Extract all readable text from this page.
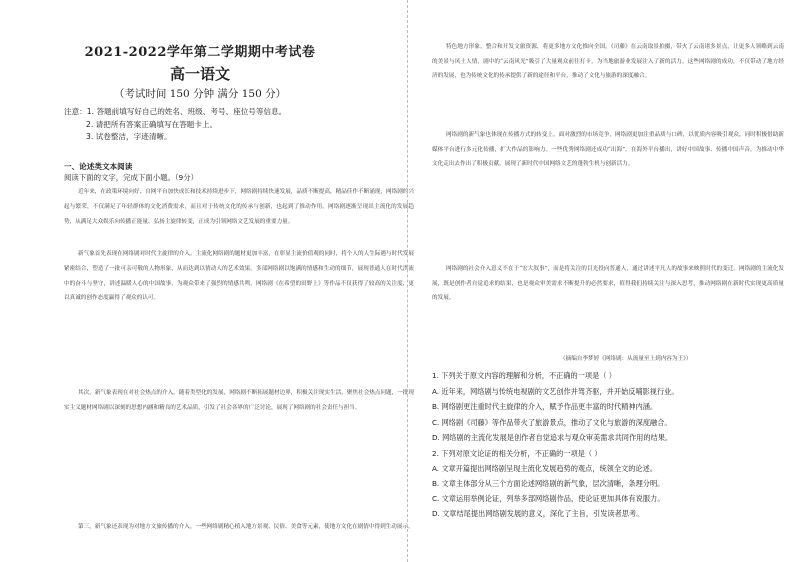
2021-2022学年第二学期期中考试卷
高一语文
（考试时间 150 分钟 满分 150 分）
注意：1. 答题前填写好自己的姓名、班级、考号、座位号等信息。
2. 请把所有答案正确填写在答题卡上。
3. 试卷整洁，字迹清晰。
一、论述类文本阅读
阅读下面的文字，完成下面小题。（9分）
近年来，在政策环境向好、自网平台加快成长和技术持续进步下，网络剧持续快速发展，品质不断提高，精品佳作不断涌现，网络剧的兴起与繁荣，不仅满足了年轻群体的文化消费需求，而且对于传统文化的传承与创新，也起到了推动作用。网络剧逐渐呈现出主流化的发展趋势，从满足大众娱乐向传播正能量、弘扬主旋律转变，正成为引领网络文艺发展的重要力量。
新气象首先表现在网络剧对时代主旋律的介入。主流化网络剧的题材更加丰富，在彰显主流价值观的同时，将个人的人生际遇与时代发展紧密结合，塑造了一批可亲可敬的人物形象，从而达到以情动人的艺术效果。多部网络剧以饱满的情感和生动的细节，展现普通人在时代洪流中的奋斗与坚守，讲述温暖人心的中国故事，为观众带来了强烈的情感共鸣，网络剧《在希望的田野上》等作品不仅获得了较高的关注度，更以真诚的创作态度赢得了观众的认可。
其次，新气象表现在对社会热点的介入。随着类型化的发展，网络剧不断拓展题材边界，积极关注现实生活，聚焦社会热点问题，一批现实主义题材网络剧以深刻的思想内涵和精良的艺术品质，引发了社会各界的广泛讨论，展现了网络剧的社会责任与担当。
第三，新气象还表现为对地方文旅传播的介入。一些网络剧精心植入地方景观、民俗、美食等元素，使地方文化在剧情中得到生动展示。
特色地方形象，整合和开发文旅资源，将更多地方文化推向全国。《司藤》在云南取景拍摄，带火了云南诸多景点，让更多人领略到云南的美景与风土人情，剧中的“云南风光”吸引了大量观众前往打卡，为当地旅游业发展注入了新的活力。这些网络剧的成功，不仅带动了地方经济的发展，也为传统文化的传承提供了新的途径和平台，推动了文化与旅游的深度融合。
网络剧的新气象也体现在传播方式的转变上。面对激烈的市场竞争，网络剧更加注重品质与口碑，以优质内容吸引观众，同时积极借助新媒体平台进行多元化传播，扩大作品的影响力。一些优秀网络剧还成功“出海”，在海外平台播出，讲好中国故事、传播中国声音，为推动中华文化走出去作出了积极贡献，展现了新时代中国网络文艺的蓬勃生机与创新活力。
网络剧的社会介入意义不在于“宏大叙事”，而是将关注的目光投向普通人，通过讲述平凡人的故事来映照时代的变迁。网络剧的主流化发展，既是创作者自觉追求的结果，也是观众审美需求不断提升的必然要求，值得我们持续关注与深入思考，推动网络剧在新时代实现更高质量的发展。
（摘编自李梦婷《网络剧：从流量至上到内容为王》）
1. 下列关于原文内容的理解和分析，不正确的一项是（ ）
A. 近年来，网络剧与传统电视剧的文艺创作并驾齐驱，并开始反哺影视行业。
B. 网络剧更注重时代主旋律的介入，赋予作品更丰富的时代精神内涵。
C. 网络剧《司藤》等作品带火了旅游景点，推动了文化与旅游的深度融合。
D. 网络剧的主流化发展是创作者自觉追求与观众审美需求共同作用的结果。
2. 下列对原文论证的相关分析，不正确的一项是（ ）
A. 文章开篇提出网络剧呈现主流化发展趋势的观点，统领全文的论述。
B. 文章主体部分从三个方面论述网络剧的新气象，层次清晰，条理分明。
C. 文章运用举例论证，列举多部网络剧作品，使论证更加具体有说服力。
D. 文章结尾提出网络剧发展的意义，深化了主旨，引发读者思考。
